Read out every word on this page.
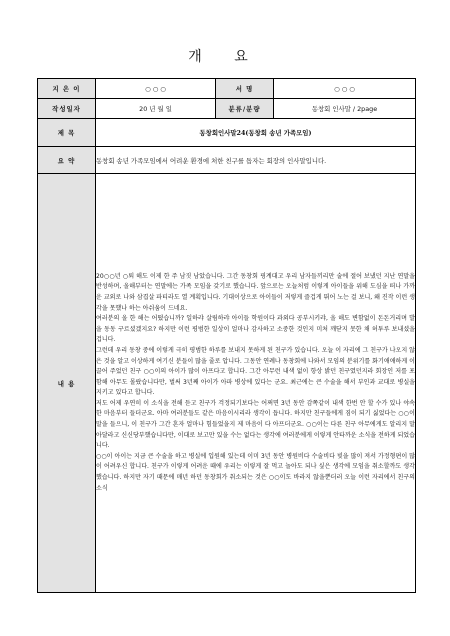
개 요
지 은 이	○ ○ ○	서 명	○ ○ ○
작성일자	20 년 월 일	분류/분량	동창회 인사말 / 2page
제 목	동창회인사말24(동창회 송년 가족모임)		
요 약	동창회 송년 가족모임에서 어려운 환경에 처한 친구를 돕자는 회장의 인사말입니다.		
내 용	20○○년 ○퇴 해도 이제 한 주 남짓 남았습니다. 그간 동창회 핑계대고 우리 남자들끼리만 술에 절어 보냈던 지난 연말을 반성하며, 올해부터는 연말에는 가족 모임을 갖기로 했습니다. 앞으로는 오늘처럼 이렇게 아이들을 위해 도심을 떠나 가까운 교외로 나와 삼겹살 파티라도 열 계획입니다. 기대이상으로 아이들이 저렇게 즐겁게 뛰어 노는 걸 보니, 왜 진작 이런 생각을 못했나 하는 아쉬움이 드네요.

여러분의 올 한 해는 어떴습니까? 일하랴 살림하랴 아이들 학원이다 과외다 공부시키랴, 올 해도 변함없이 돈돈거리며 발을 동동 구르셨겠지요? 하지만 이런 평범한 일상이 얼마나 감사하고 소중한 것인지 미처 깨닫지 못한 채 허투루 보내셨을 겁니다.

그런데 우리 동창 중에 이렇게 극히 평범한 하루를 보내지 못하게 된 친구가 있습니다. 오늘 이 자리에 그 친구가 나오지 않은 것을 알고 이상하게 여기신 분들이 많을 줄로 압니다. 그동안 연례나 동창회에 나와서 모임의 분위기를 화기애애하게 이끌어 주었던 친구 ○○이의 아이가 많이 아프다고 합니다. 그간 아무런 내색 없이 항상 밝던 친구였던지라 회장인 저를 포함해 아무도 몰랐습니다만, 벌써 3년째 아이가 아파 병상에 있다는 군요. 최근에는 큰 수술을 해서 부인과 교대로 병실을 지키고 있다고 합니다.

저도 어제 우연히 이 소식을 전해 듣고 친구가 걱정되기보다는 어쩌면 3년 동안 감쪽같이 내색 한번 안 할 수가 있나 야속한 마음부터 들더군요. 아마 여러분들도 같은 마음이시리라 생각이 듭니다. 하지만 친구들에게 짐이 되기 싫었다는 ○○이 말을 들으니, 이 친구가 그간 혼자 얼마나 힘들었을지 제 마음이 다 아프더군요. ○○이는 다른 친구 아무에게도 알리지 말아달라고 신신당부했습니다만, 이대로 보고만 있을 수는 없다는 생각에 여러분에게 이렇게 안타까운 소식을 전하게 되었습니다.

○○이 아이는 지금 큰 수술을 하고 병실에 입원해 있는데 이미 3년 동안 병원비다 수술비다 빚을 많이 져서 가정형편이 많이 어려우신 합니다. 친구가 이렇게 어려운 때에 우리는 이렇게 잘 먹고 놀아도 되나 싶은 생각에 모임을 취소할까도 생각했습니다. 하지만 자기 때문에 매년 하던 동창회가 취소되는 것은 ○○이도 바라지 않을뿐더러 오늘 이런 자리에서 친구의 소식		
